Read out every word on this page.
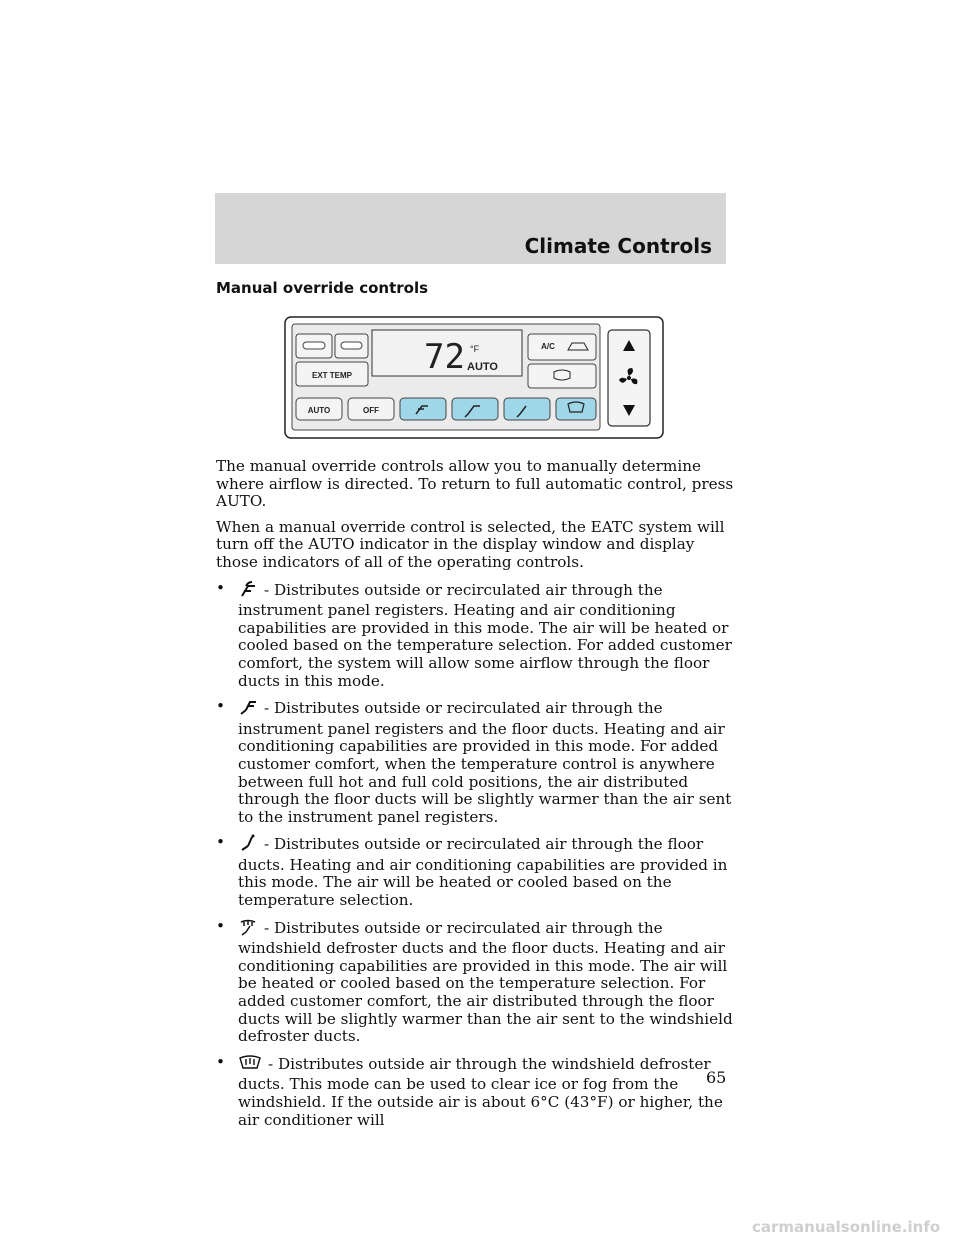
Climate Controls
Manual override controls
72 °F
AUTO
EXT TEMP
A/C
AUTO	OFF

The manual override controls allow you to manually determine where airflow is directed. To return to full automatic control, press AUTO.

When a manual override control is selected, the EATC system will turn off the AUTO indicator in the display window and display those indicators of all of the operating controls.

•	- Distributes outside or recirculated air through the instrument panel registers. Heating and air conditioning capabilities are provided in this mode. The air will be heated or cooled based on the temperature selection. For added customer comfort, the system will allow some airflow through the floor ducts in this mode.
•	- Distributes outside or recirculated air through the instrument panel registers and the floor ducts. Heating and air conditioning capabilities are provided in this mode. For added customer comfort, when the temperature control is anywhere between full hot and full cold positions, the air distributed through the floor ducts will be slightly warmer than the air sent to the instrument panel registers.
•	- Distributes outside or recirculated air through the floor ducts. Heating and air conditioning capabilities are provided in this mode. The air will be heated or cooled based on the temperature selection.
•	- Distributes outside or recirculated air through the windshield defroster ducts and the floor ducts. Heating and air conditioning capabilities are provided in this mode. The air will be heated or cooled based on the temperature selection. For added customer comfort, the air distributed through the floor ducts will be slightly warmer than the air sent to the windshield defroster ducts.
•	- Distributes outside air through the windshield defroster ducts. This mode can be used to clear ice or fog from the windshield. If the outside air is about 6°C (43°F) or higher, the air conditioner will
65
carmanualsonline.info
